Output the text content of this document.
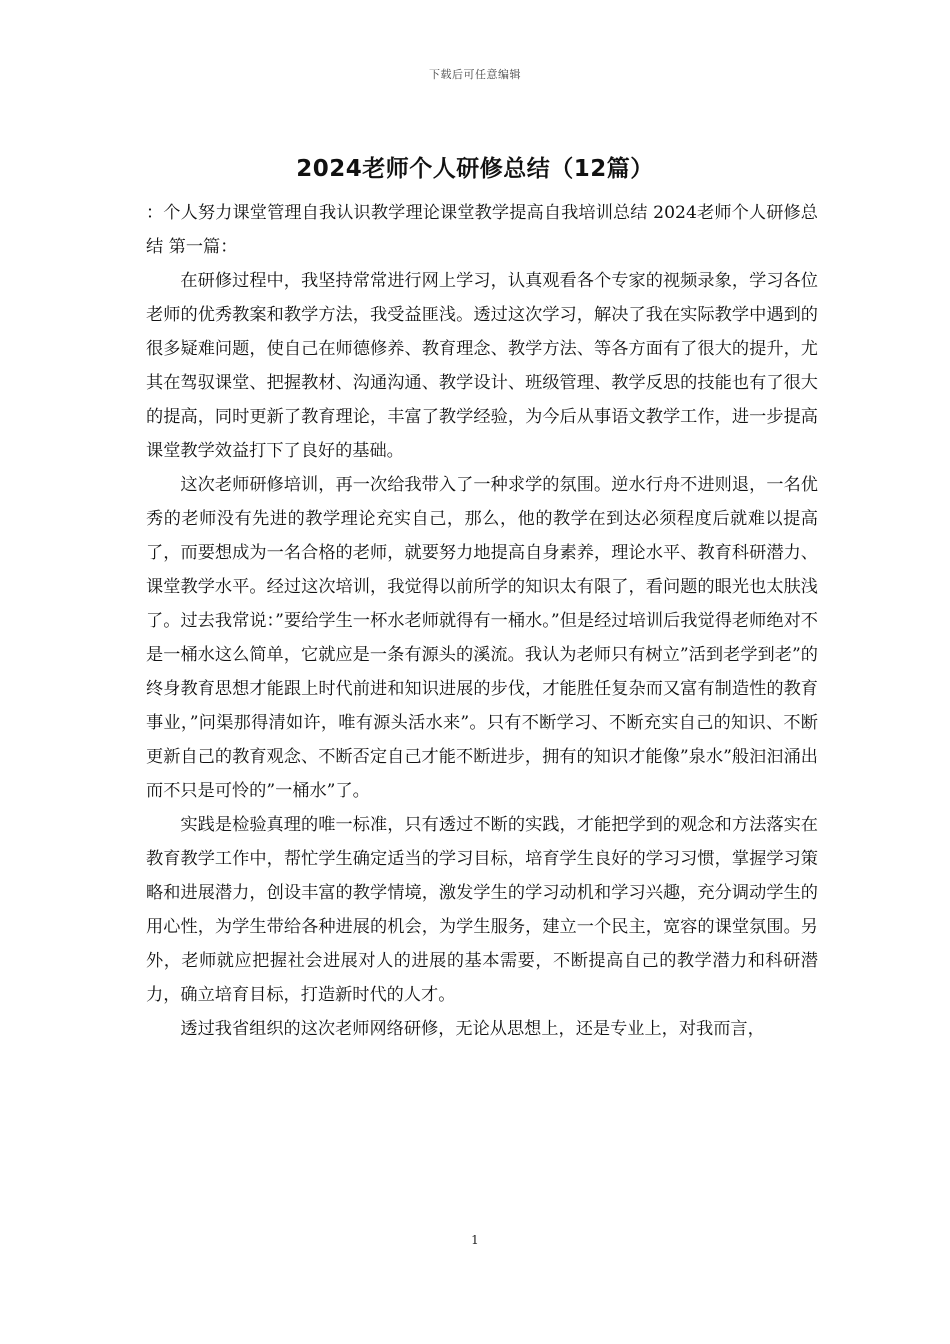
下载后可任意编辑
2024老师个人研修总结（12篇）

：个人努力课堂管理自我认识教学理论课堂教学提高自我培训总结 2024老师个人研修总结 第一篇：

在研修过程中，我坚持常常进行网上学习，认真观看各个专家的视频录象，学习各位老师的优秀教案和教学方法，我受益匪浅。透过这次学习，解决了我在实际教学中遇到的很多疑难问题，使自己在师德修养、教育理念、教学方法、等各方面有了很大的提升，尤其在驾驭课堂、把握教材、沟通沟通、教学设计、班级管理、教学反思的技能也有了很大的提高，同时更新了教育理论，丰富了教学经验，为今后从事语文教学工作，进一步提高课堂教学效益打下了良好的基础。

这次老师研修培训，再一次给我带入了一种求学的氛围。逆水行舟不进则退，一名优秀的老师没有先进的教学理论充实自己，那么，他的教学在到达必须程度后就难以提高了，而要想成为一名合格的老师，就要努力地提高自身素养，理论水平、教育科研潜力、课堂教学水平。经过这次培训，我觉得以前所学的知识太有限了，看问题的眼光也太肤浅了。过去我常说：”要给学生一杯水老师就得有一桶水。”但是经过培训后我觉得老师绝对不是一桶水这么简单，它就应是一条有源头的溪流。我认为老师只有树立”活到老学到老”的终身教育思想才能跟上时代前进和知识进展的步伐，才能胜任复杂而又富有制造性的教育事业，”问渠那得清如许，唯有源头活水来”。只有不断学习、不断充实自己的知识、不断更新自己的教育观念、不断否定自己才能不断进步，拥有的知识才能像”泉水”般汩汩涌出而不只是可怜的”一桶水”了。

实践是检验真理的唯一标准，只有透过不断的实践，才能把学到的观念和方法落实在教育教学工作中，帮忙学生确定适当的学习目标，培育学生良好的学习习惯，掌握学习策略和进展潜力，创设丰富的教学情境，激发学生的学习动机和学习兴趣，充分调动学生的用心性，为学生带给各种进展的机会，为学生服务，建立一个民主，宽容的课堂氛围。另外，老师就应把握社会进展对人的进展的基本需要，不断提高自己的教学潜力和科研潜力，确立培育目标，打造新时代的人才。

透过我省组织的这次老师网络研修，无论从思想上，还是专业上，对我而言，

1
